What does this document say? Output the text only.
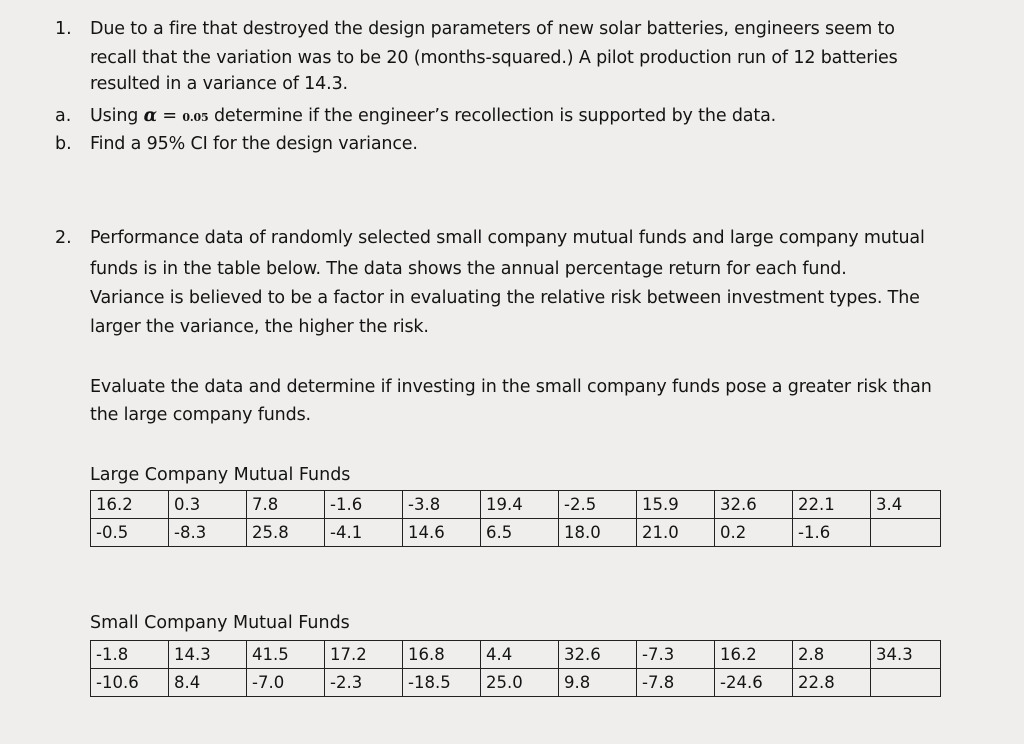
1. Due to a fire that destroyed the design parameters of new solar batteries, engineers seem to
recall that the variation was to be 20 (months-squared.) A pilot production run of 12 batteries
resulted in a variance of 14.3.
a. Using α = 0.05 determine if the engineer’s recollection is supported by the data.
b. Find a 95% CI for the design variance.
2. Performance data of randomly selected small company mutual funds and large company mutual
funds is in the table below. The data shows the annual percentage return for each fund.
Variance is believed to be a factor in evaluating the relative risk between investment types. The
larger the variance, the higher the risk.
Evaluate the data and determine if investing in the small company funds pose a greater risk than
the large company funds.
Large Company Mutual Funds
16.2	0.3	7.8	-1.6	-3.8	19.4	-2.5	15.9	32.6	22.1	3.4
-0.5	-8.3	25.8	-4.1	14.6	6.5	18.0	21.0	0.2	-1.6	
Small Company Mutual Funds
-1.8	14.3	41.5	17.2	16.8	4.4	32.6	-7.3	16.2	2.8	34.3
-10.6	8.4	-7.0	-2.3	-18.5	25.0	9.8	-7.8	-24.6	22.8	
